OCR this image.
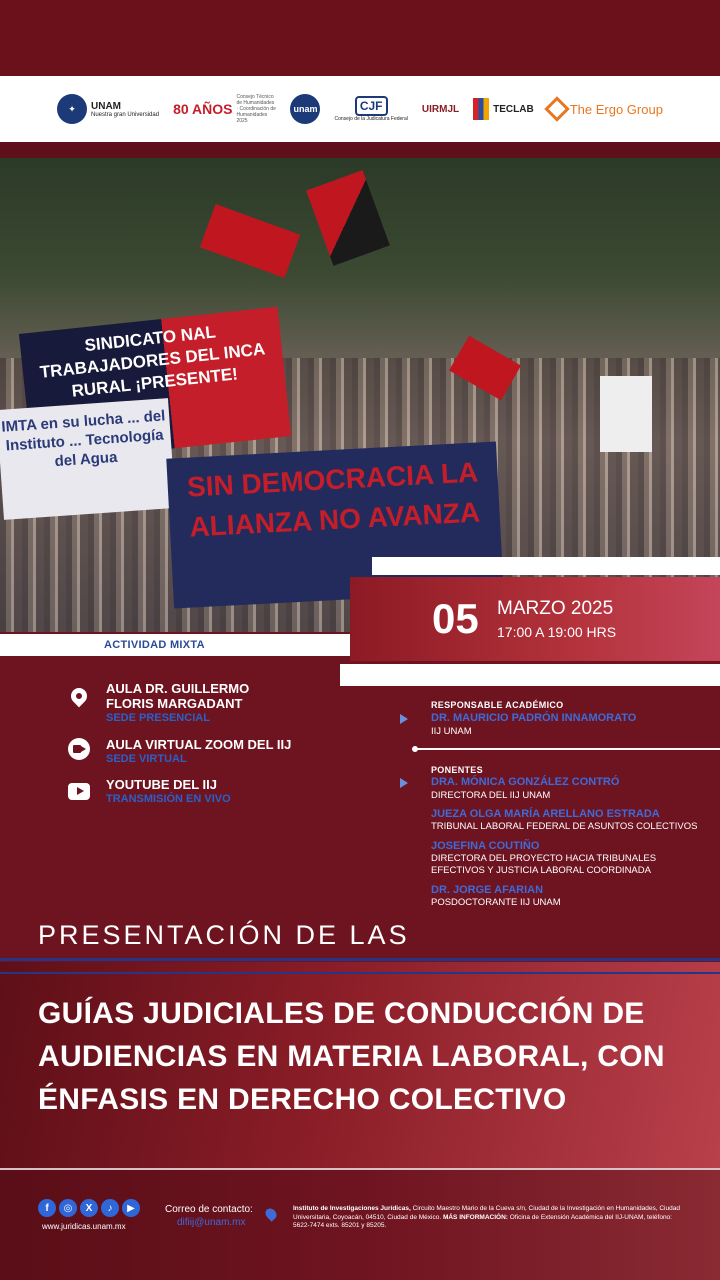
✦	UNAM
Nuestra gran Universidad 80 AÑOS
Consejo Técnico de Humanidades · Coordinación de Humanidades 2025
unam	CJF
Consejo de la Judicatura Federal
UIRMJL	TECLAB	The Ergo Group
SINDICATO NAL TRABAJADORES DEL INCA RURAL ¡PRESENTE!
IMTA en su lucha ... del Instituto ... Tecnología del Agua	SIN DEMOCRACIA LA ALIANZA NO AVANZA
05 MARZO 2025
17:00 A 19:00 HRS
ACTIVIDAD MIXTA
AULA DR. GUILLERMO FLORIS MARGADANT
SEDE PRESENCIAL
AULA VIRTUAL ZOOM DEL IIJ
SEDE VIRTUAL
YOUTUBE DEL IIJ
TRANSMISIÓN EN VIVO
RESPONSABLE ACADÉMICO
DR. MAURICIO PADRÓN INNAMORATO
IIJ UNAM
PONENTES
DRA. MÓNICA GONZÁLEZ CONTRÓ
DIRECTORA DEL IIJ UNAM
JUEZA OLGA MARÍA ARELLANO ESTRADA
TRIBUNAL LABORAL FEDERAL DE ASUNTOS COLECTIVOS
JOSEFINA COUTIÑO
DIRECTORA DEL PROYECTO HACIA TRIBUNALES EFECTIVOS Y JUSTICIA LABORAL COORDINADA
DR. JORGE AFARIAN
POSDOCTORANTE IIJ UNAM
PRESENTACIÓN DE LAS
GUÍAS JUDICIALES DE CONDUCCIÓN DE AUDIENCIAS EN MATERIA LABORAL, CON ÉNFASIS EN DERECHO COLECTIVO
f	◎	X	♪	▶
www.juridicas.unam.mx
Correo de contacto:
difiij@unam.mx
Instituto de Investigaciones Jurídicas, Circuito Maestro Mario de la Cueva s/n, Ciudad de la Investigación en Humanidades, Ciudad Universitaria, Coyoacán, 04510, Ciudad de México. MÁS INFORMACIÓN: Oficina de Extensión Académica del IIJ-UNAM, teléfono: 5622-7474 exts. 85201 y 85205.
